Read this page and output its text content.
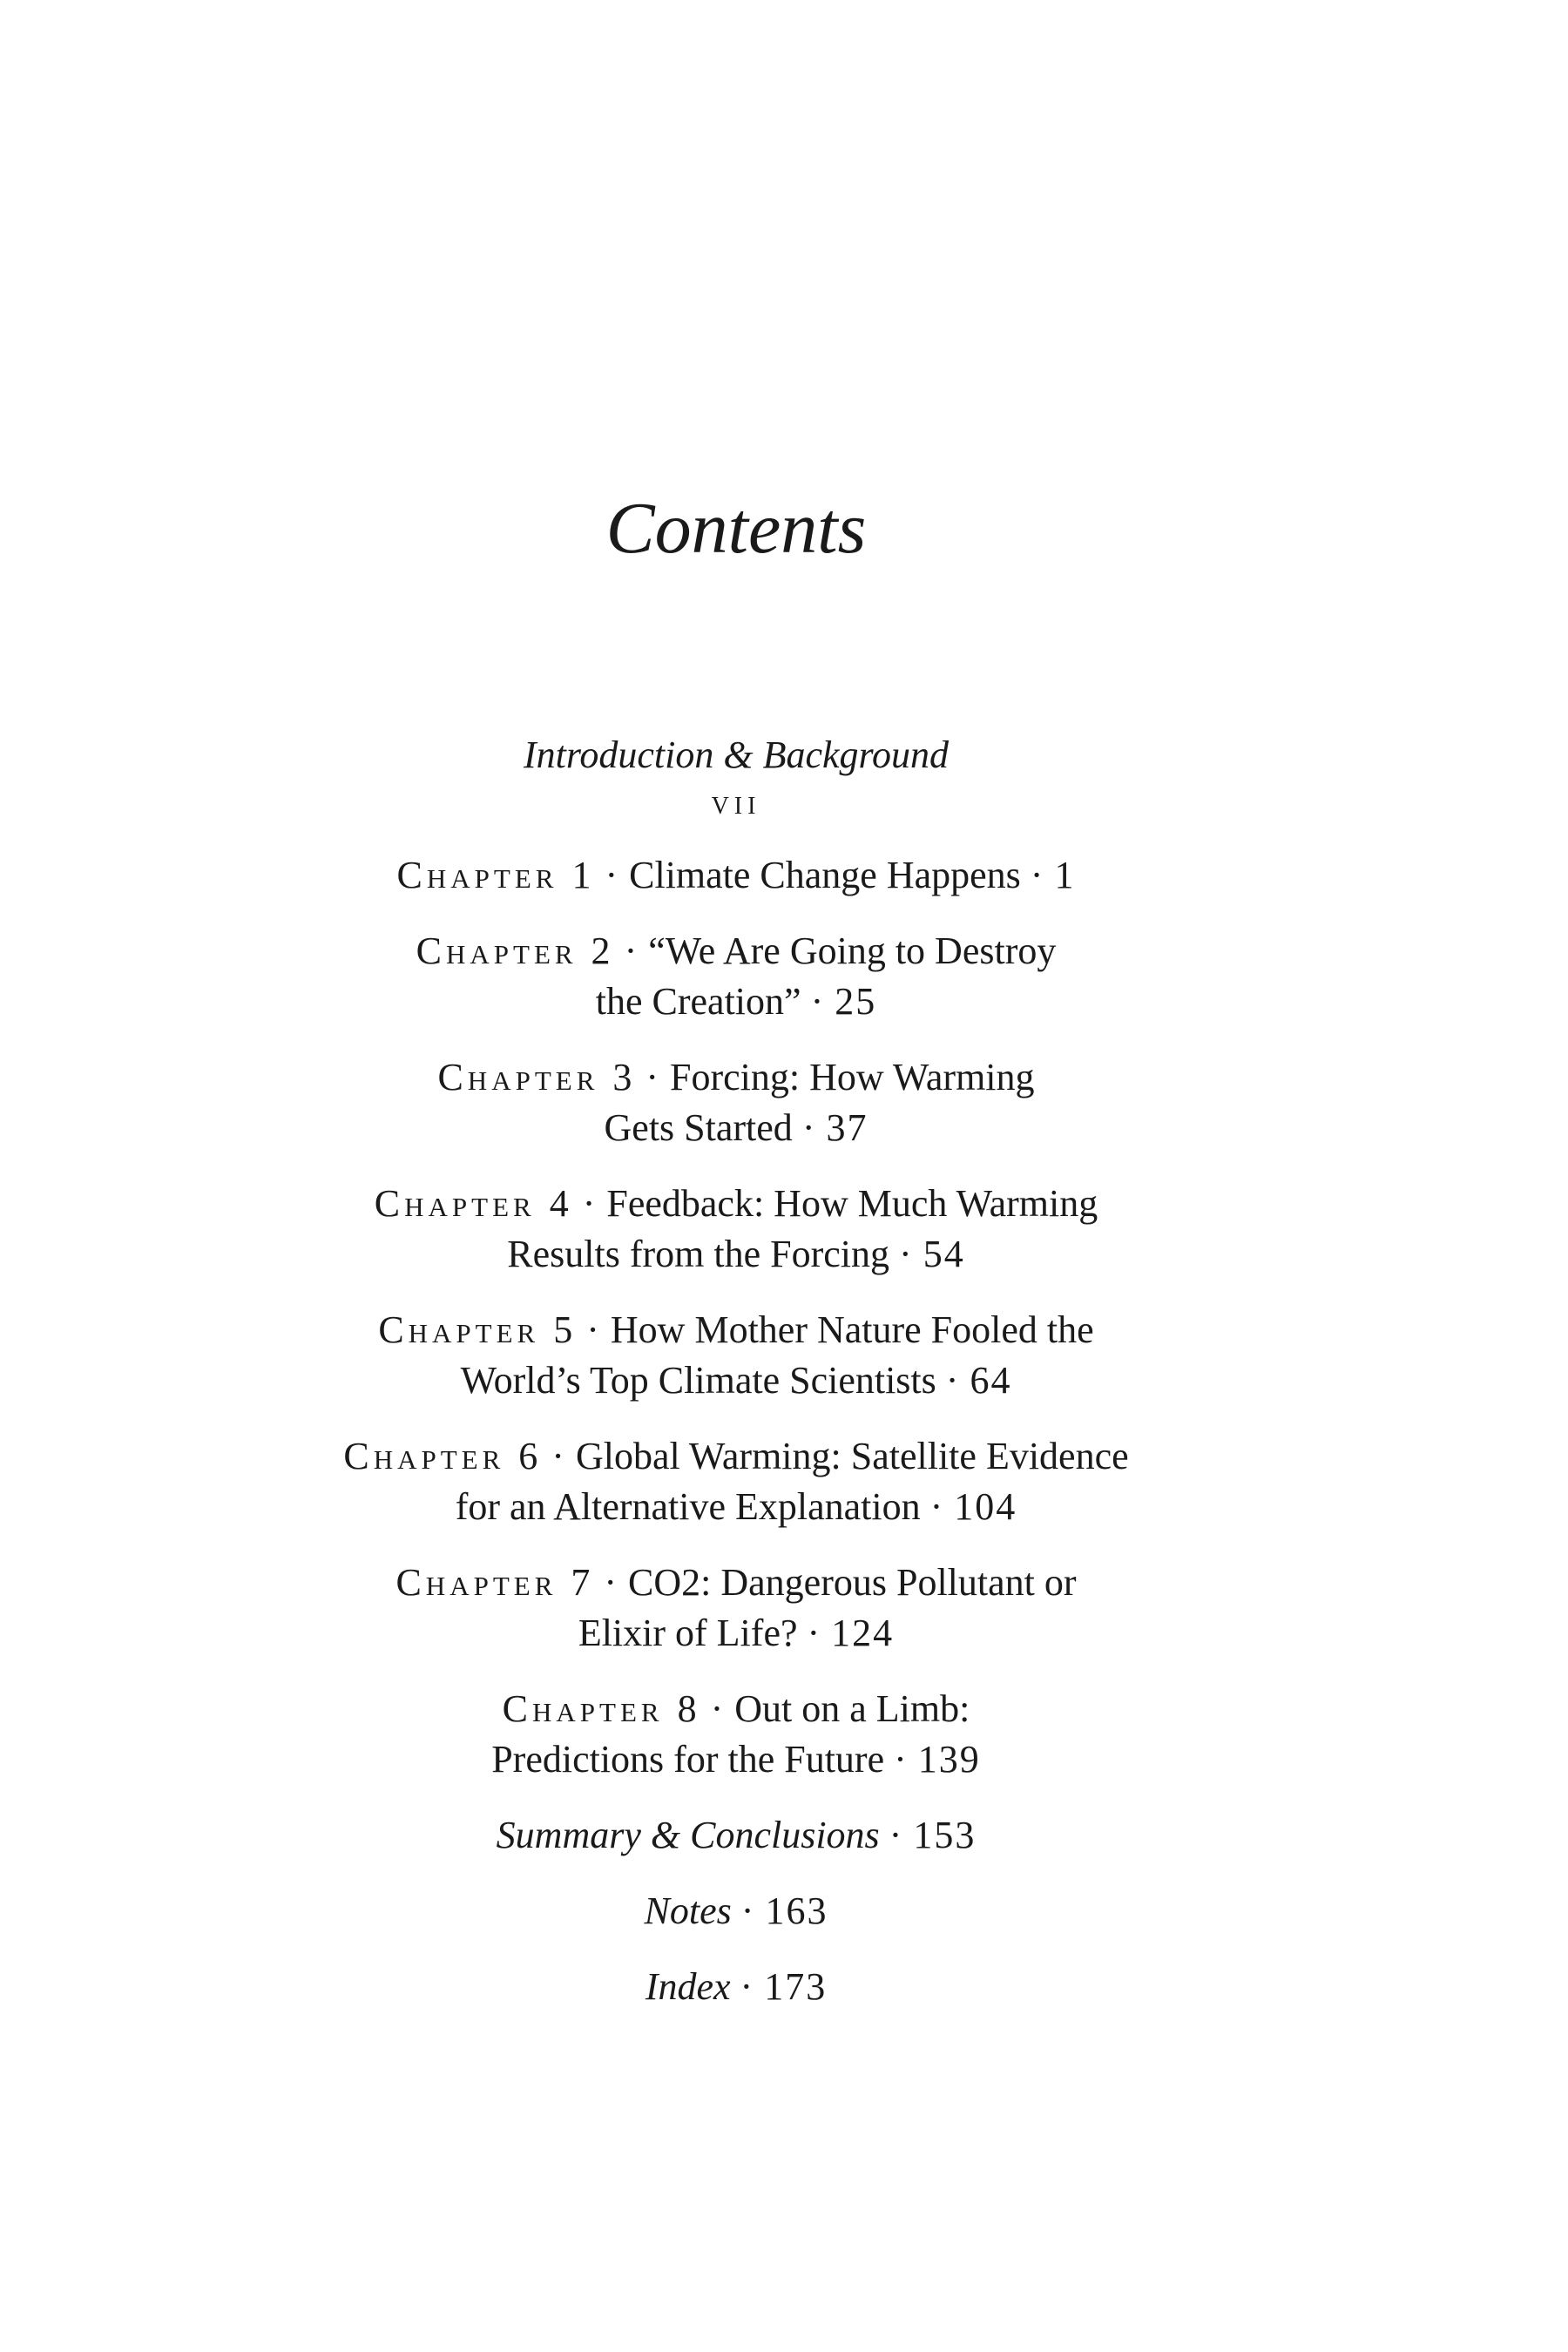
Contents
Introduction & Background
vii
Chapter 1 · Climate Change Happens · 1
Chapter 2 · “We Are Going to Destroy
the Creation” · 25
Chapter 3 · Forcing: How Warming
Gets Started · 37
Chapter 4 · Feedback: How Much Warming
Results from the Forcing · 54
Chapter 5 · How Mother Nature Fooled the
World’s Top Climate Scientists · 64
Chapter 6 · Global Warming: Satellite Evidence
for an Alternative Explanation · 104
Chapter 7 · CO2: Dangerous Pollutant or
Elixir of Life? · 124
Chapter 8 · Out on a Limb:
Predictions for the Future · 139
Summary & Conclusions · 153
Notes · 163
Index · 173
